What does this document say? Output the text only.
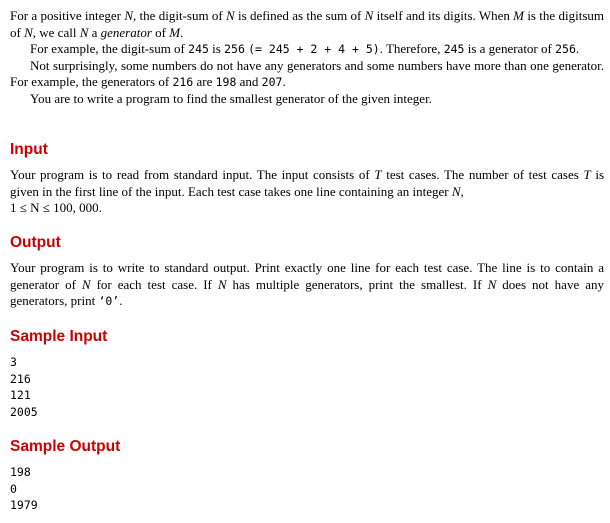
For a positive integer N, the digit-sum of N is defined as the sum of N itself and its digits. When M is the digitsum of N, we call N a generator of M.

For example, the digit-sum of 245 is 256 (= 245 + 2 + 4 + 5). Therefore, 245 is a generator of 256.

Not surprisingly, some numbers do not have any generators and some numbers have more than one generator. For example, the generators of 216 are 198 and 207.

You are to write a program to find the smallest generator of the given integer.

Input

Your program is to read from standard input. The input consists of T test cases. The number of test cases T is given in the first line of the input. Each test case takes one line containing an integer N,
1 ≤ N ≤ 100, 000.

Output

Your program is to write to standard output. Print exactly one line for each test case. The line is to contain a generator of N for each test case. If N has multiple generators, print the smallest. If N does not have any generators, print ‘0’.

Sample Input
3
216
121
2005
Sample Output
198
0
1979
